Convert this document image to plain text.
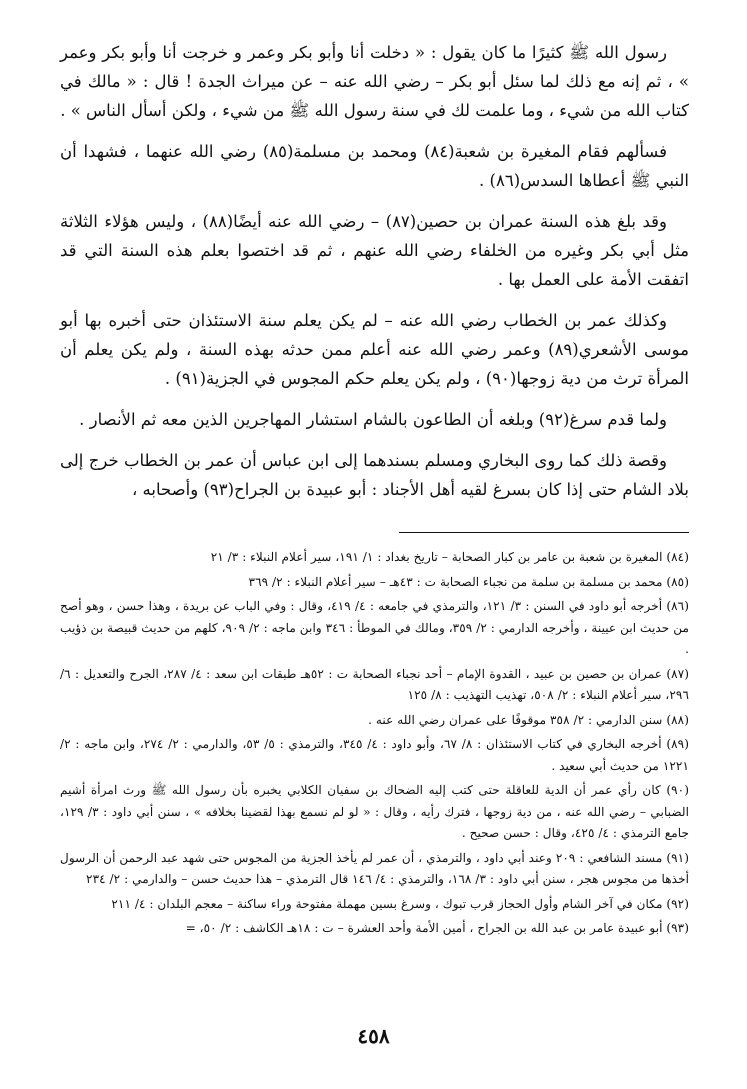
رسول الله ﷺ كثيرًا ما كان يقول : « دخلت أنا وأبو بكر وعمر و خرجت أنا وأبو بكر وعمر » ، ثم إنه مع ذلك لما سئل أبو بكر – رضي الله عنه – عن ميراث الجدة ! قال : « مالك في كتاب الله من شيء ، وما علمت لك في سنة رسول الله ﷺ من شيء ، ولكن أسأل الناس » .

فسألهم فقام المغيرة بن شعبة(٨٤) ومحمد بن مسلمة(٨٥) رضي الله عنهما ، فشهدا أن النبي ﷺ أعطاها السدس(٨٦) .

وقد بلغ هذه السنة عمران بن حصين(٨٧) – رضي الله عنه أيضًا(٨٨) ، وليس هؤلاء الثلاثة مثل أبي بكر وغيره من الخلفاء رضي الله عنهم ، ثم قد اختصوا بعلم هذه السنة التي قد اتفقت الأمة على العمل بها .

وكذلك عمر بن الخطاب رضي الله عنه – لم يكن يعلم سنة الاستئذان حتى أخبره بها أبو موسى الأشعري(٨٩) وعمر رضي الله عنه أعلم ممن حدثه بهذه السنة ، ولم يكن يعلم أن المرأة ترث من دية زوجها(٩٠) ، ولم يكن يعلم حكم المجوس في الجزية(٩١) .

ولما قدم سرغ(٩٢) وبلغه أن الطاعون بالشام استشار المهاجرين الذين معه ثم الأنصار .

وقصة ذلك كما روى البخاري ومسلم بسندهما إلى ابن عباس أن عمر بن الخطاب خرج إلى بلاد الشام حتى إذا كان بسرغ لقيه أهل الأجناد : أبو عبيدة بن الجراح(٩٣) وأصحابه ،

(٨٤) المغيرة بن شعبة بن عامر بن كبار الصحابة – تاريخ بغداد : ١/ ١٩١، سير أعلام النبلاء : ٣/ ٢١

(٨٥) محمد بن مسلمة بن سلمة من نجباء الصحابة ت : ٤٣هـ – سير أعلام النبلاء : ٢/ ٣٦٩

(٨٦) أخرجه أبو داود في السنن : ٣/ ١٢١، والترمذي في جامعه : ٤/ ٤١٩، وقال : وفي الباب عن بريدة ، وهذا حسن ، وهو أصح من حديث ابن عيينة ، وأخرجه الدارمي : ٢/ ٣٥٩، ومالك في الموطأ : ٣٤٦ وابن ماجه : ٢/ ٩٠٩، كلهم من حديث قبيصة بن ذؤيب .

(٨٧) عمران بن حصين بن عبيد ، القدوة الإمام – أحد نجباء الصحابة ت : ٥٢هـ طبقات ابن سعد : ٤/ ٢٨٧، الجرح والتعديل : ٦/ ٢٩٦، سير أعلام النبلاء : ٢/ ٥٠٨، تهذيب التهذيب : ٨/ ١٢٥

(٨٨) سنن الدارمي : ٢/ ٣٥٨ موقوفًا على عمران رضي الله عنه .

(٨٩) أخرجه البخاري في كتاب الاستئذان : ٨/ ٦٧، وأبو داود : ٤/ ٣٤٥، والترمذي : ٥/ ٥٣، والدارمي : ٢/ ٢٧٤، وابن ماجه : ٢/ ١٢٢١ من حديث أبي سعيد .

(٩٠) كان رأي عمر أن الدية للعاقلة حتى كتب إليه الضحاك بن سفيان الكلابي يخبره بأن رسول الله ﷺ ورث امرأة أشيم الضبابي – رضي الله عنه ، من دية زوجها ، فترك رأيه ، وقال : « لو لم نسمع بهذا لقضينا بخلافه » ، سنن أبي داود : ٣/ ١٢٩، جامع الترمذي : ٤/ ٤٢٥، وقال : حسن صحيح .

(٩١) مسند الشافعي : ٢٠٩ وعند أبي داود ، والترمذي ، أن عمر لم يأخذ الجزية من المجوس حتى شهد عبد الرحمن أن الرسول أخذها من مجوس هجر ، سنن أبي داود : ٣/ ١٦٨، والترمذي : ٤/ ١٤٦ قال الترمذي – هذا حديث حسن – والدارمي : ٢/ ٢٣٤

(٩٢) مكان في آخر الشام وأول الحجاز قرب تبوك ، وسرغ بسين مهملة مفتوحة وراء ساكنة – معجم البلدان : ٤/ ٢١١

(٩٣) أبو عبيدة عامر بن عبد الله بن الجراح ، أمين الأمة وأحد العشرة – ت : ١٨هـ الكاشف : ٢/ ٥٠، =

٤٥٨
